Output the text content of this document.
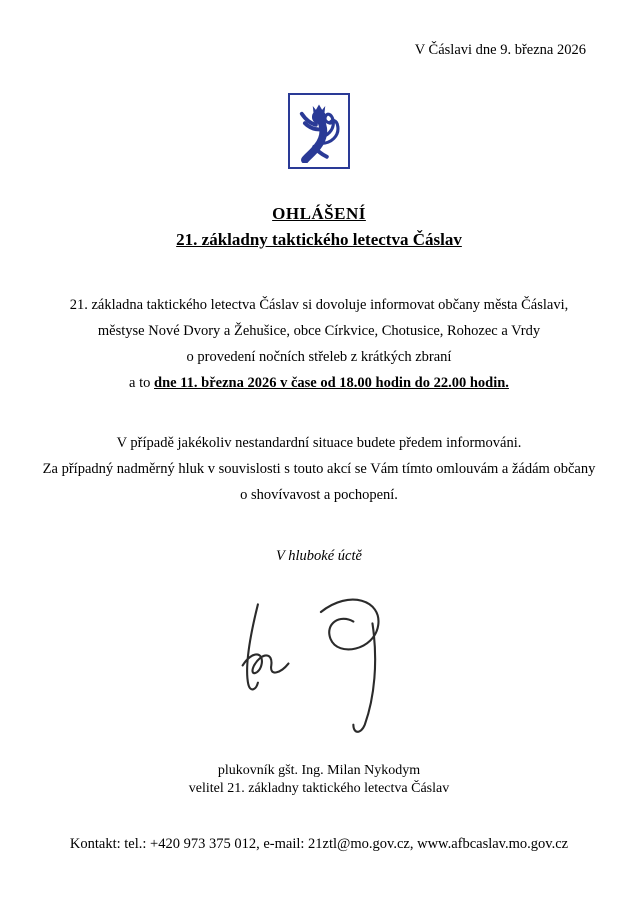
V Čáslavi dne 9. března 2026
OHLÁŠENÍ
21. základny taktického letectva Čáslav
21. základna taktického letectva Čáslav si dovoluje informovat občany města Čáslavi,
městyse Nové Dvory a Žehušice, obce Církvice, Chotusice, Rohozec a Vrdy
o provedení nočních střeleb z krátkých zbraní
a to dne 11. března 2026 v čase od 18.00 hodin do 22.00 hodin.
V případě jakékoliv nestandardní situace budete předem informováni.
Za případný nadměrný hluk v souvislosti s touto akcí se Vám tímto omlouvám a žádám občany
o shovívavost a pochopení.
V hluboké úctě
plukovník gšt. Ing. Milan Nykodym
velitel 21. základny taktického letectva Čáslav
Kontakt: tel.: +420 973 375 012, e-mail: 21ztl@mo.gov.cz, www.afbcaslav.mo.gov.cz
